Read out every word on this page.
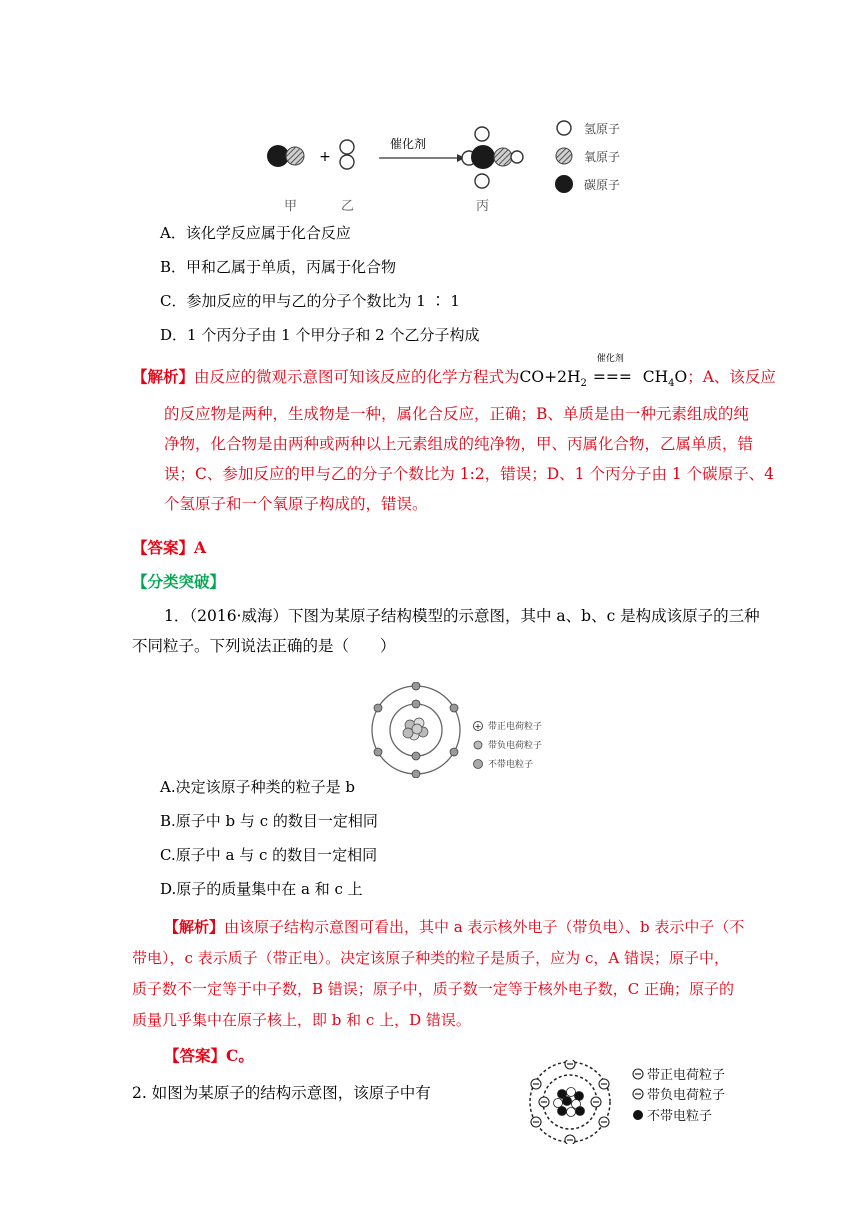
+
催化剂
氢原子
氧原子
碳原子
甲	乙	丙
A．该化学反应属于化合反应
B．甲和乙属于单质，丙属于化合物
C．参加反应的甲与乙的分子个数比为 1 ∶ 1
D．1 个丙分子由 1 个甲分子和 2 个乙分子构成
【解析】由反应的微观示意图可知该反应的化学方程式为$CO+2H_2$
催化剂
=== $CH_4O$；A、该反应
的反应物是两种，生成物是一种，属化合反应，正确；B、单质是由一种元素组成的纯
净物，化合物是由两种或两种以上元素组成的纯净物，甲、丙属化合物，乙属单质，错
误；C、参加反应的甲与乙的分子个数比为 1:2，错误；D、1 个丙分子由 1 个碳原子、4
个氢原子和一个氧原子构成的，错误。
【答案】A
【分类突破】
1．（2016·威海）下图为某原子结构模型的示意图，其中 a、b、c 是构成该原子的三种
不同粒子。下列说法正确的是（　　）
+ 带正电荷粒子
带负电荷粒子
不带电粒子
A.决定该原子种类的粒子是 b
B.原子中 b 与 c 的数目一定相同
C.原子中 a 与 c 的数目一定相同
D.原子的质量集中在 a 和 c 上
【解析】由该原子结构示意图可看出，其中 a 表示核外电子（带负电）、b 表示中子（不
带电），c 表示质子（带正电）。决定该原子种类的粒子是质子，应为 c，A 错误；原子中，
质子数不一定等于中子数，B 错误；原子中，质子数一定等于核外电子数，C 正确；原子的
质量几乎集中在原子核上，即 b 和 c 上，D 错误。
【答案】C。
2. 如图为某原子的结构示意图，该原子中有
带正电荷粒子
带负电荷粒子
不带电粒子
